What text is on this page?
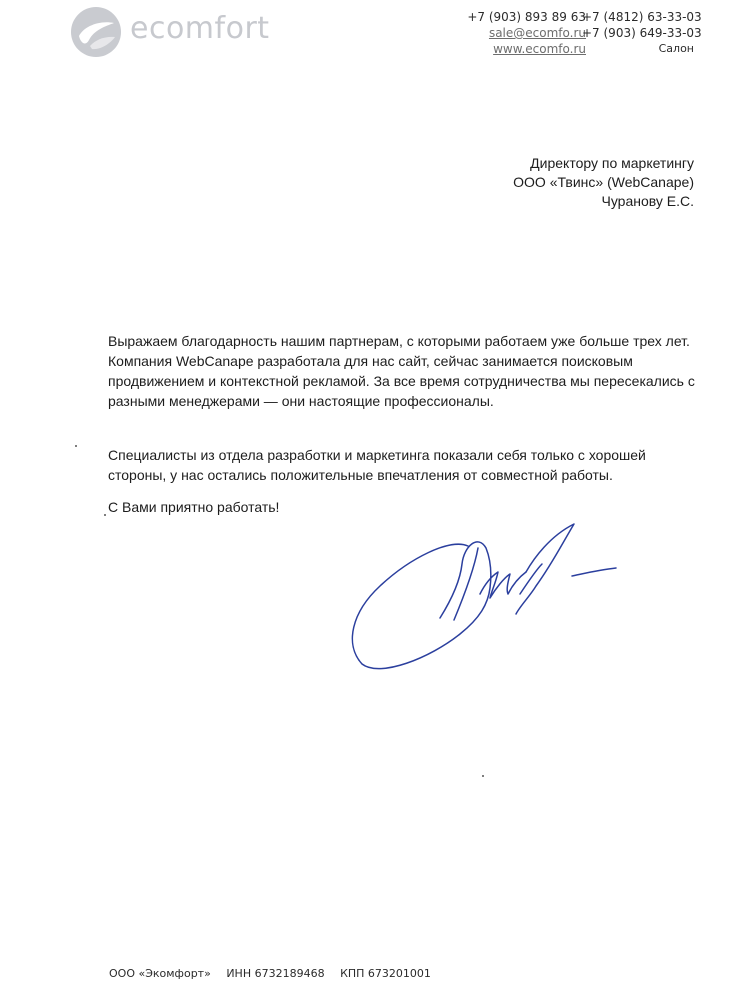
ecomfort	+7 (903) 893 89 63
sale@ecomfo.ru
www.ecomfo.ru
+7 (4812) 63-33-03
+7 (903) 649-33-03
Салон
Директору по маркетингу
ООО «Твинс» (WebCanape)
Чуранову Е.С.
Выражаем благодарность нашим партнерам, с которыми работаем уже больше трех лет.
Компания WebCanape разработала для нас сайт, сейчас занимается поисковым
продвижением и контекстной рекламой. За все время сотрудничества мы пересекались с
разными менеджерами — они настоящие профессионалы.
Специалисты из отдела разработки и маркетинга показали себя только с хорошей
стороны, у нас остались положительные впечатления от совместной работы.
С Вами приятно работать!
ООО «Экомфорт» ИНН 6732189468 КПП 673201001
